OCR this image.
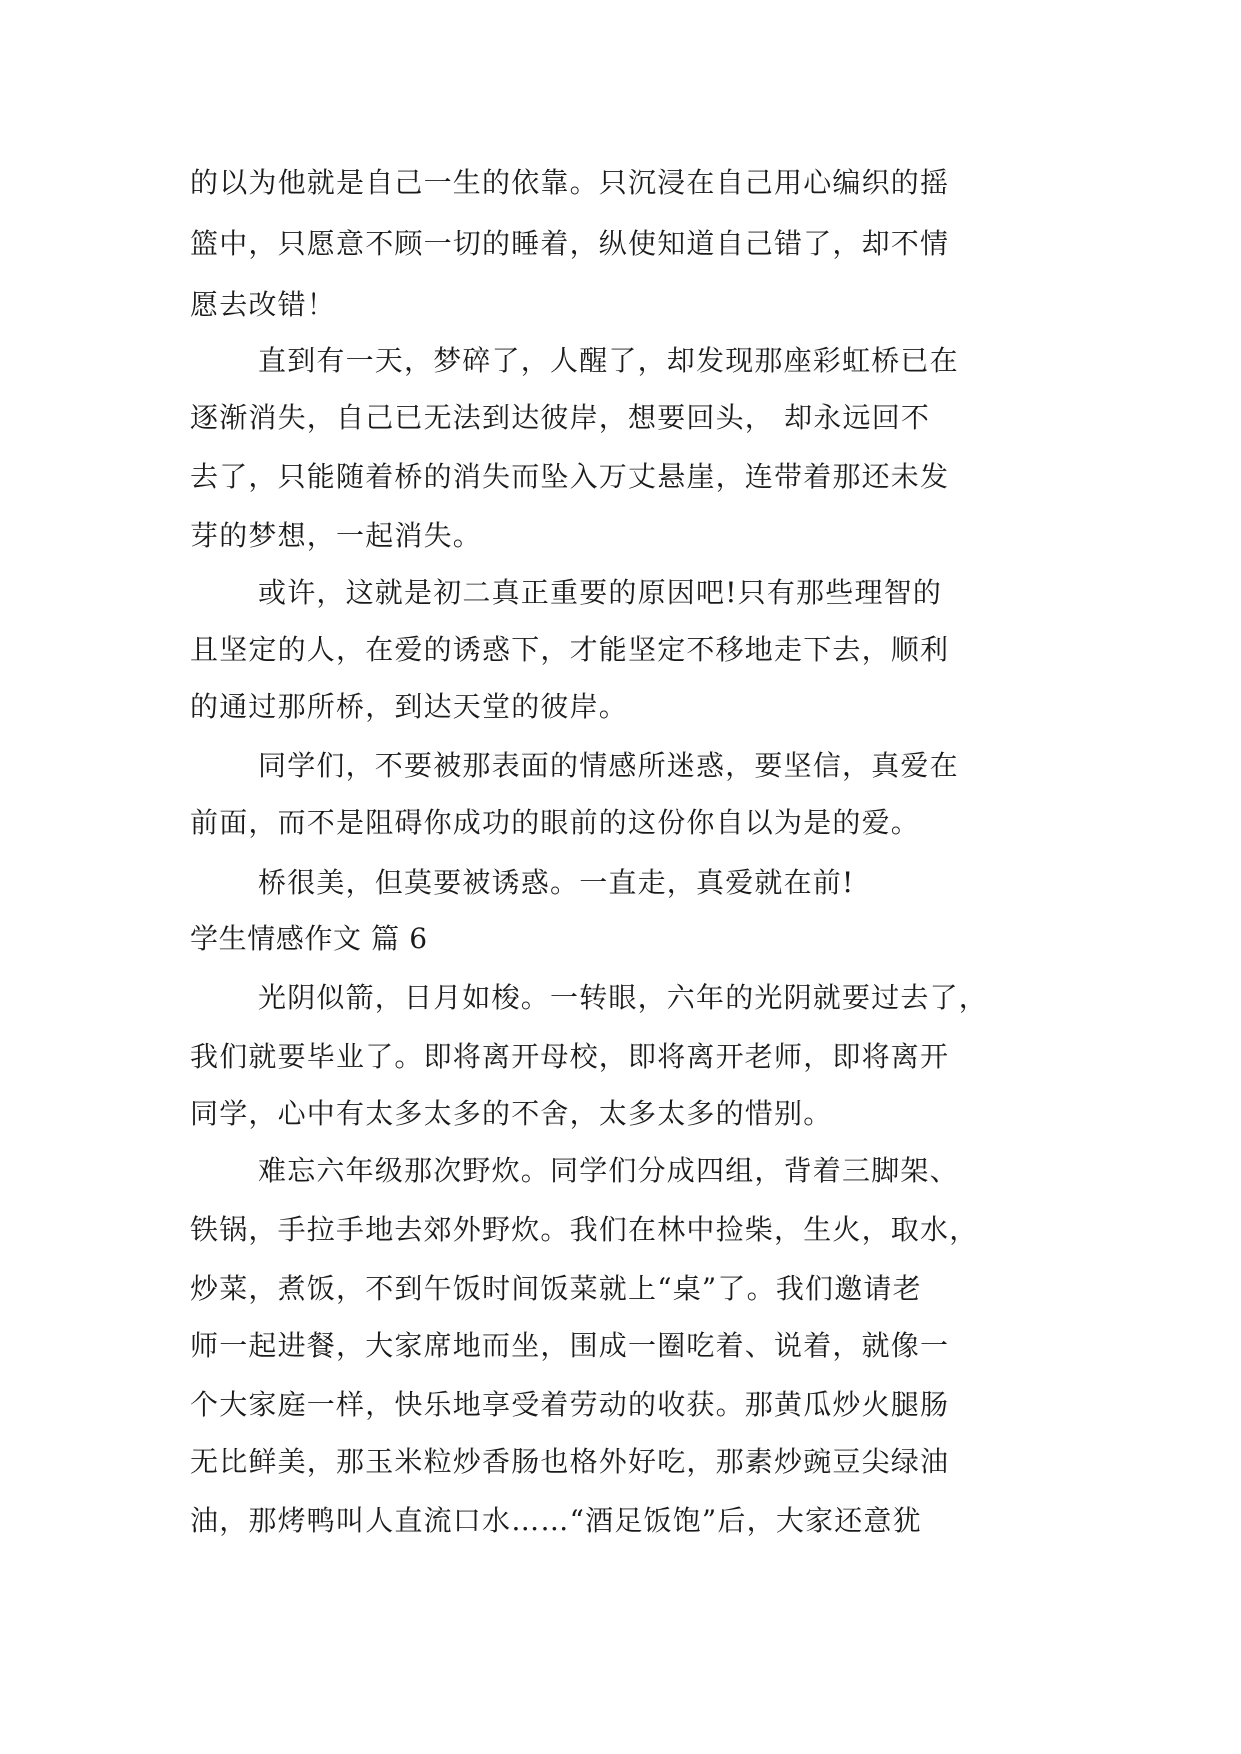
的以为他就是自己一生的依靠。只沉浸在自己用心编织的摇

篮中，只愿意不顾一切的睡着，纵使知道自己错了，却不情

愿去改错！

直到有一天，梦碎了，人醒了，却发现那座彩虹桥已在

逐渐消失，自己已无法到达彼岸，想要回头， 却永远回不

去了，只能随着桥的消失而坠入万丈悬崖，连带着那还未发

芽的梦想，一起消失。

或许，这就是初二真正重要的原因吧!只有那些理智的

且坚定的人，在爱的诱惑下，才能坚定不移地走下去，顺利

的通过那所桥，到达天堂的彼岸。

同学们，不要被那表面的情感所迷惑，要坚信，真爱在

前面，而不是阻碍你成功的眼前的这份你自以为是的爱。

桥很美，但莫要被诱惑。一直走，真爱就在前!

学生情感作文 篇 6

光阴似箭，日月如梭。一转眼，六年的光阴就要过去了，

我们就要毕业了。即将离开母校，即将离开老师，即将离开

同学，心中有太多太多的不舍，太多太多的惜别。

难忘六年级那次野炊。同学们分成四组，背着三脚架、

铁锅，手拉手地去郊外野炊。我们在林中捡柴，生火，取水，

炒菜，煮饭，不到午饭时间饭菜就上“桌”了。我们邀请老

师一起进餐，大家席地而坐，围成一圈吃着、说着，就像一

个大家庭一样，快乐地享受着劳动的收获。那黄瓜炒火腿肠

无比鲜美，那玉米粒炒香肠也格外好吃，那素炒豌豆尖绿油

油，那烤鸭叫人直流口水……“酒足饭饱”后，大家还意犹
